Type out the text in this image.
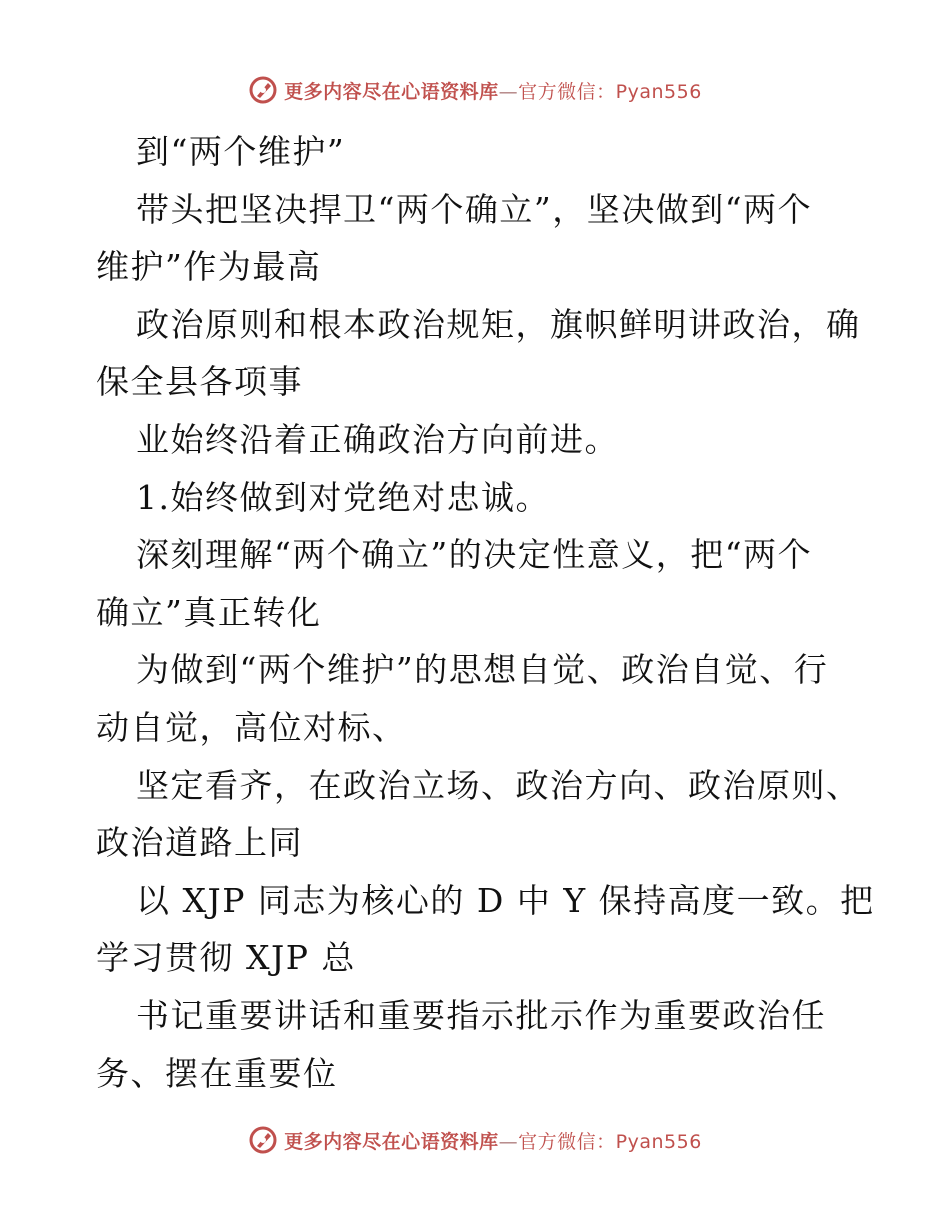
更多内容尽在心语资料库—官方微信：Pyan556
到“两个维护”
带头把坚决捍卫“两个确立”，坚决做到“两个
维护”作为最高
政治原则和根本政治规矩，旗帜鲜明讲政治，确
保全县各项事
业始终沿着正确政治方向前进。
1.始终做到对党绝对忠诚。
深刻理解“两个确立”的决定性意义，把“两个
确立”真正转化
为做到“两个维护”的思想自觉、政治自觉、行
动自觉，高位对标、
坚定看齐，在政治立场、政治方向、政治原则、
政治道路上同
以 XJP 同志为核心的 D 中 Y 保持高度一致。把
学习贯彻 XJP 总
书记重要讲话和重要指示批示作为重要政治任
务、摆在重要位
更多内容尽在心语资料库—官方微信：Pyan556
